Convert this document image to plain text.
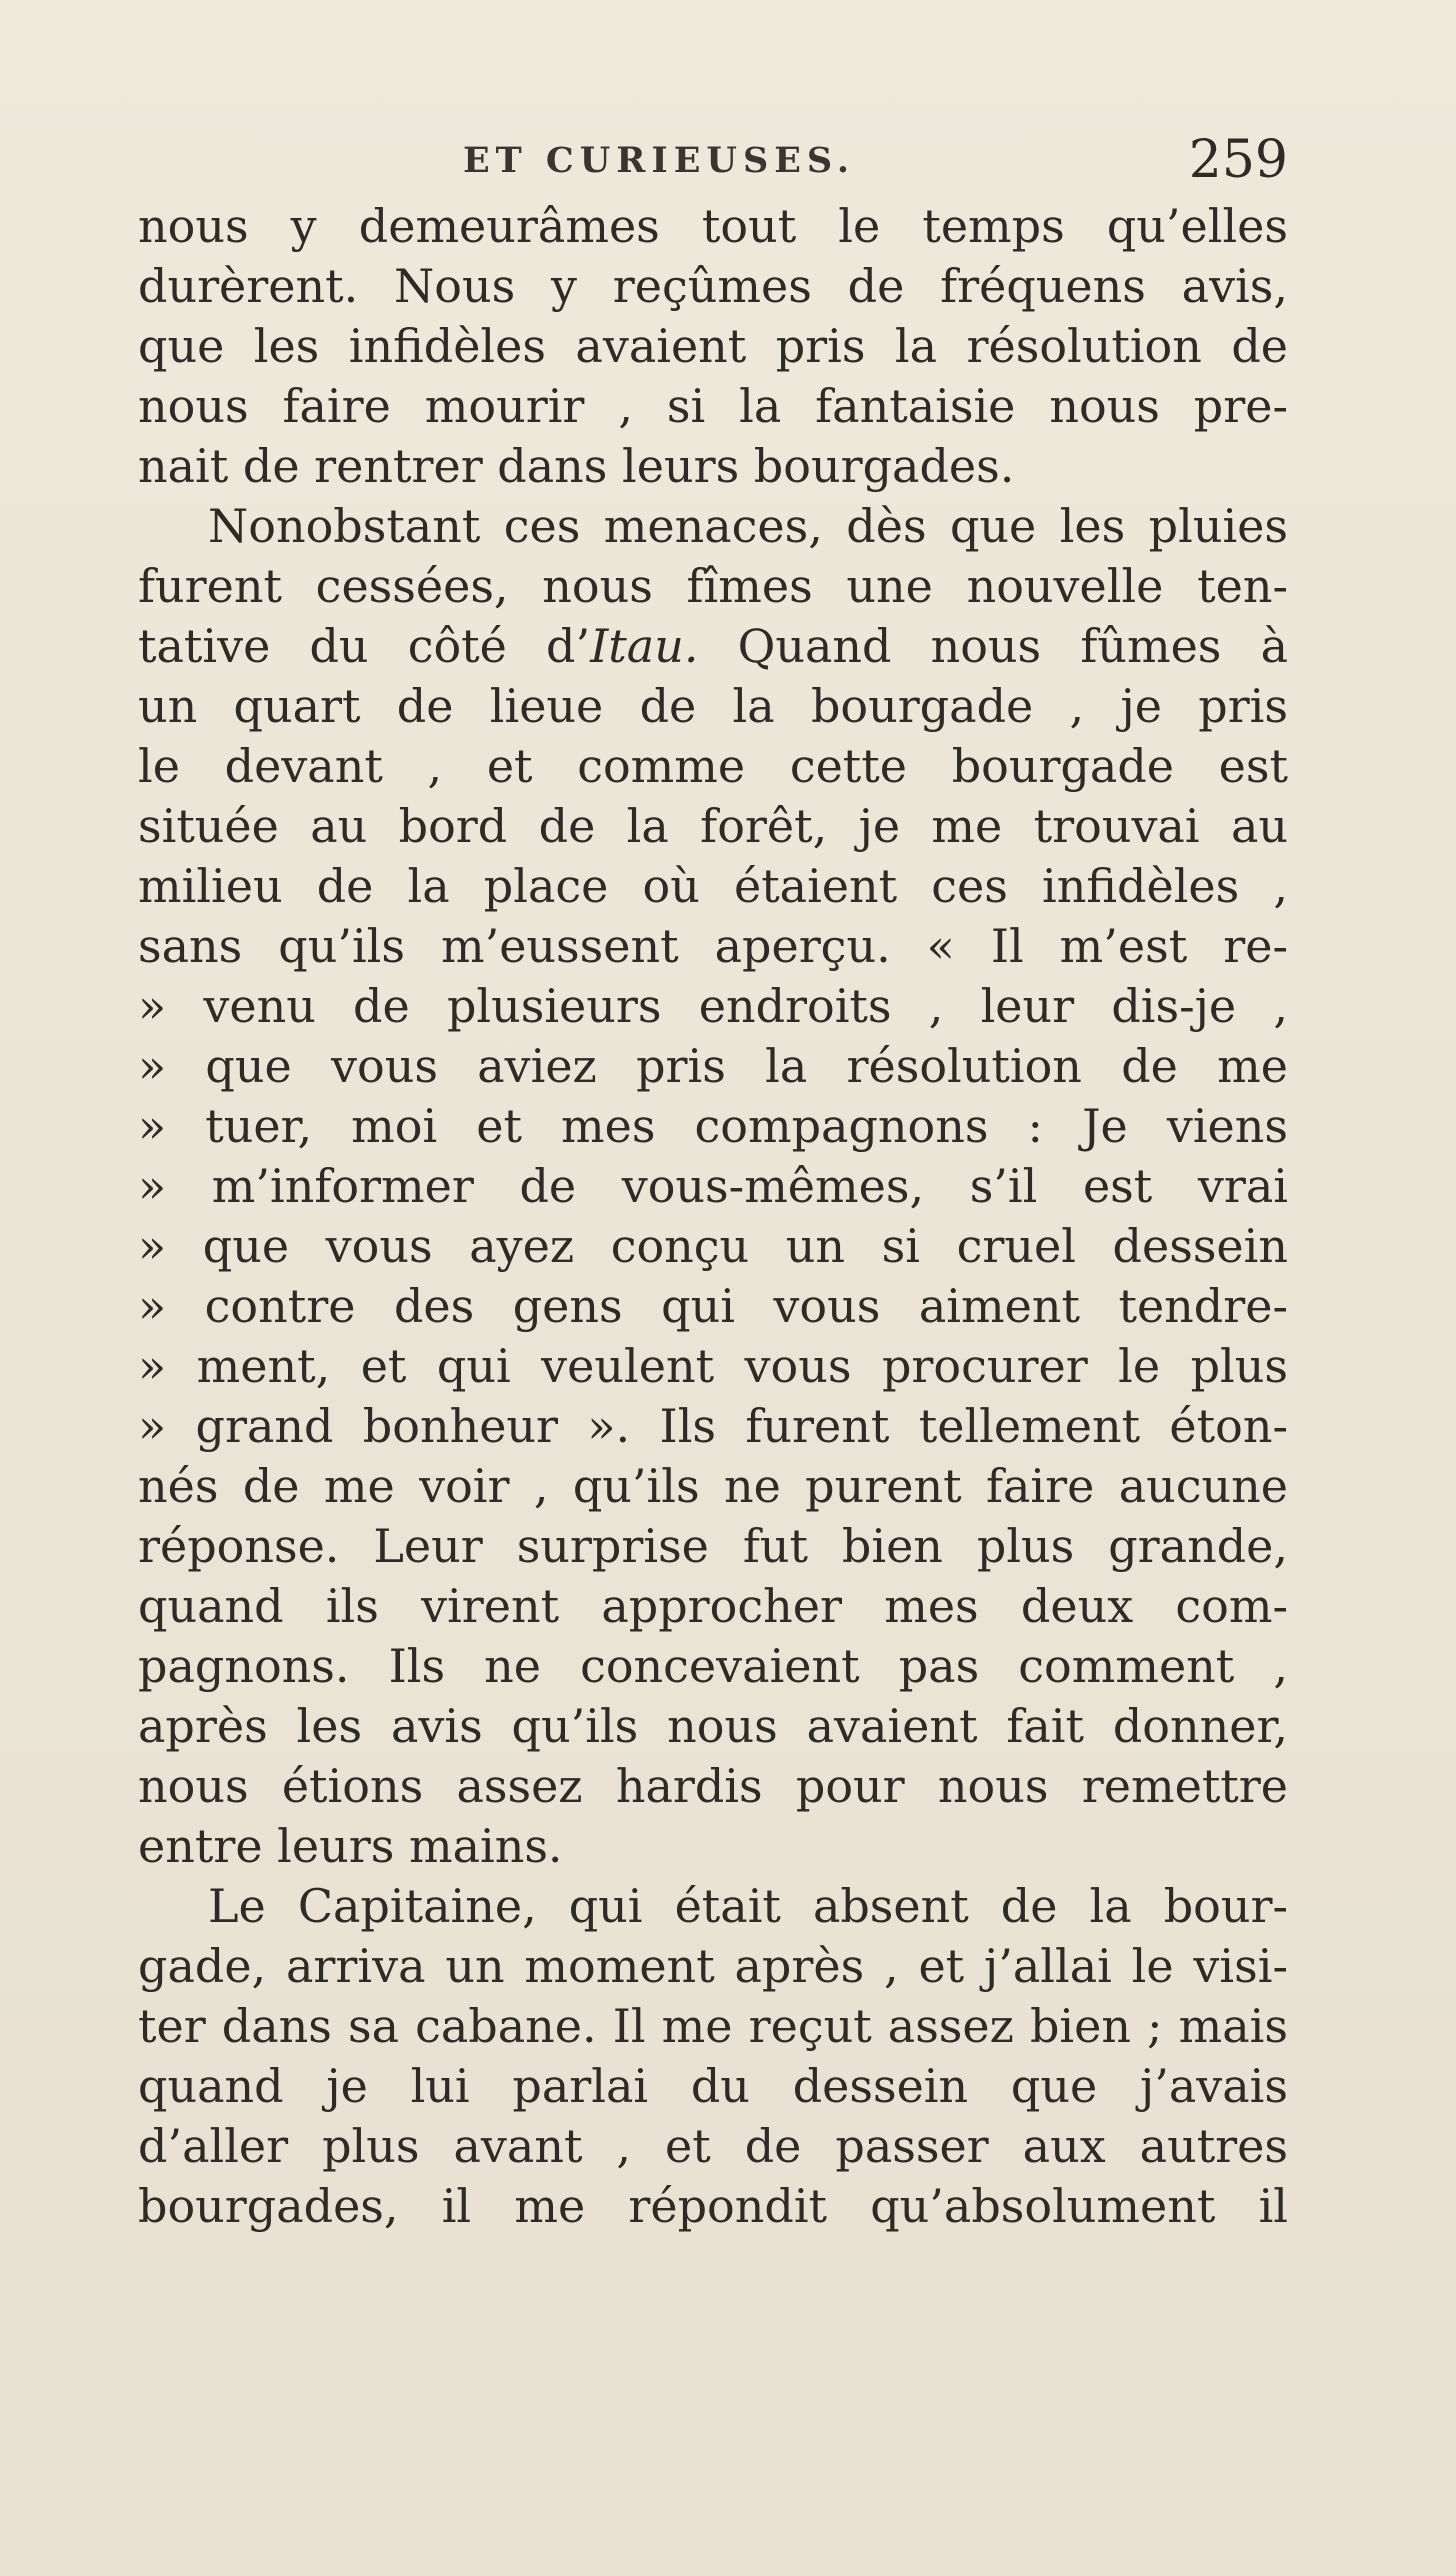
ET CURIEUSES.	259
nous y demeurâmes tout le temps qu’elles
durèrent. Nous y reçûmes de fréquens avis,
que les infidèles avaient pris la résolution de
nous faire mourir , si la fantaisie nous pre-
nait de rentrer dans leurs bourgades.
Nonobstant ces menaces, dès que les pluies
furent cessées, nous fîmes une nouvelle ten-
tative du côté d’Itau. Quand nous fûmes à
un quart de lieue de la bourgade , je pris
le devant , et comme cette bourgade est
située au bord de la forêt, je me trouvai au
milieu de la place où étaient ces infidèles ,
sans qu’ils m’eussent aperçu. « Il m’est re-
» venu de plusieurs endroits , leur dis-je ,
» que vous aviez pris la résolution de me
» tuer, moi et mes compagnons : Je viens
» m’informer de vous-mêmes, s’il est vrai
» que vous ayez conçu un si cruel dessein
» contre des gens qui vous aiment tendre-
» ment, et qui veulent vous procurer le plus
» grand bonheur ». Ils furent tellement éton-
nés de me voir , qu’ils ne purent faire aucune
réponse. Leur surprise fut bien plus grande,
quand ils virent approcher mes deux com-
pagnons. Ils ne concevaient pas comment ,
après les avis qu’ils nous avaient fait donner,
nous étions assez hardis pour nous remettre
entre leurs mains.
Le Capitaine, qui était absent de la bour-
gade, arriva un moment après , et j’allai le visi-
ter dans sa cabane. Il me reçut assez bien ; mais
quand je lui parlai du dessein que j’avais
d’aller plus avant , et de passer aux autres
bourgades, il me répondit qu’absolument il
